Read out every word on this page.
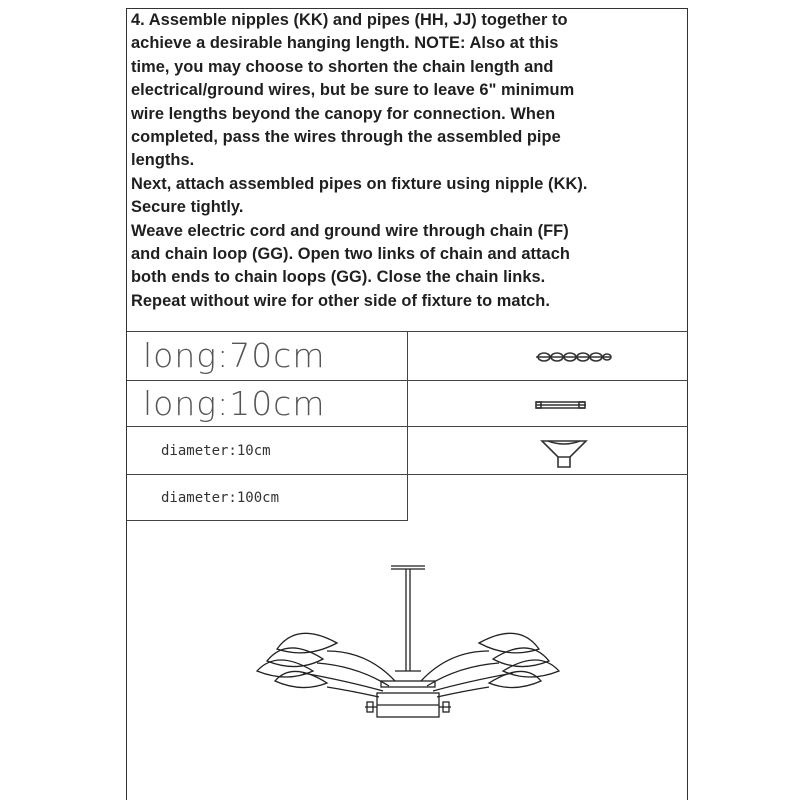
4. Assemble nipples (KK) and pipes (HH, JJ) together to
achieve a desirable hanging length. NOTE: Also at this
time, you may choose to shorten the chain length and
electrical/ground wires, but be sure to leave 6" minimum
wire lengths beyond the canopy for connection. When
completed, pass the wires through the assembled pipe
lengths.
Next, attach assembled pipes on fixture using nipple (KK).
Secure tightly.
Weave electric cord and ground wire through chain (FF)
and chain loop (GG). Open two links of chain and attach
both ends to chain loops (GG). Close the chain links.
Repeat without wire for other side of fixture to match.
long:70cm
long:10cm
diameter:10cm
diameter:100cm
